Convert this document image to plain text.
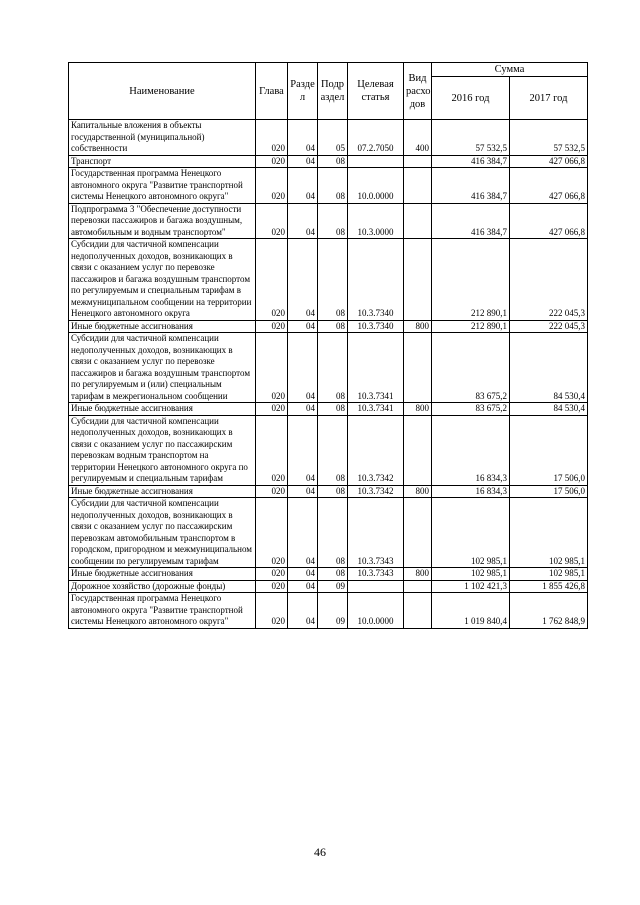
Наименование	Глава	Разде л	Подр аздел	Целевая статья	Вид расхо дов	Сумма	
						2016 год	2017 год
Капитальные вложения в объекты государственной (муниципальной) собственности	020	04	05	07.2.7050	400	57 532,5	57 532,5
Транспорт	020	04	08			416 384,7	427 066,8
Государственная программа Ненецкого автономного округа "Развитие транспортной системы Ненецкого автономного округа"	020	04	08	10.0.0000		416 384,7	427 066,8
Подпрограмма 3 "Обеспечение доступности перевозки пассажиров и багажа воздушным, автомобильным и водным транспортом"	020	04	08	10.3.0000		416 384,7	427 066,8
Субсидии для частичной компенсации недополученных доходов, возникающих в связи с оказанием услуг по перевозке пассажиров и багажа воздушным транспортом по регулируемым и специальным тарифам в межмуниципальном сообщении на территории Ненецкого автономного округа	020	04	08	10.3.7340		212 890,1	222 045,3
Иные бюджетные ассигнования	020	04	08	10.3.7340	800	212 890,1	222 045,3
Субсидии для частичной компенсации недополученных доходов, возникающих в связи с оказанием услуг по перевозке пассажиров и багажа воздушным транспортом по регулируемым и (или) специальным тарифам в межрегиональном сообщении	020	04	08	10.3.7341		83 675,2	84 530,4
Иные бюджетные ассигнования	020	04	08	10.3.7341	800	83 675,2	84 530,4
Субсидии для частичной компенсации недополученных доходов, возникающих в связи с оказанием услуг по пассажирским перевозкам водным транспортом на территории Ненецкого автономного округа по регулируемым и специальным тарифам	020	04	08	10.3.7342		16 834,3	17 506,0
Иные бюджетные ассигнования	020	04	08	10.3.7342	800	16 834,3	17 506,0
Субсидии для частичной компенсации недополученных доходов, возникающих в связи с оказанием услуг по пассажирским перевозкам автомобильным транспортом в городском, пригородном и межмуниципальном сообщении по регулируемым тарифам	020	04	08	10.3.7343		102 985,1	102 985,1
Иные бюджетные ассигнования	020	04	08	10.3.7343	800	102 985,1	102 985,1
Дорожное хозяйство (дорожные фонды)	020	04	09			1 102 421,3	1 855 426,8
Государственная программа Ненецкого автономного округа "Развитие транспортной системы Ненецкого автономного округа"	020	04	09	10.0.0000		1 019 840,4	1 762 848,9
46
